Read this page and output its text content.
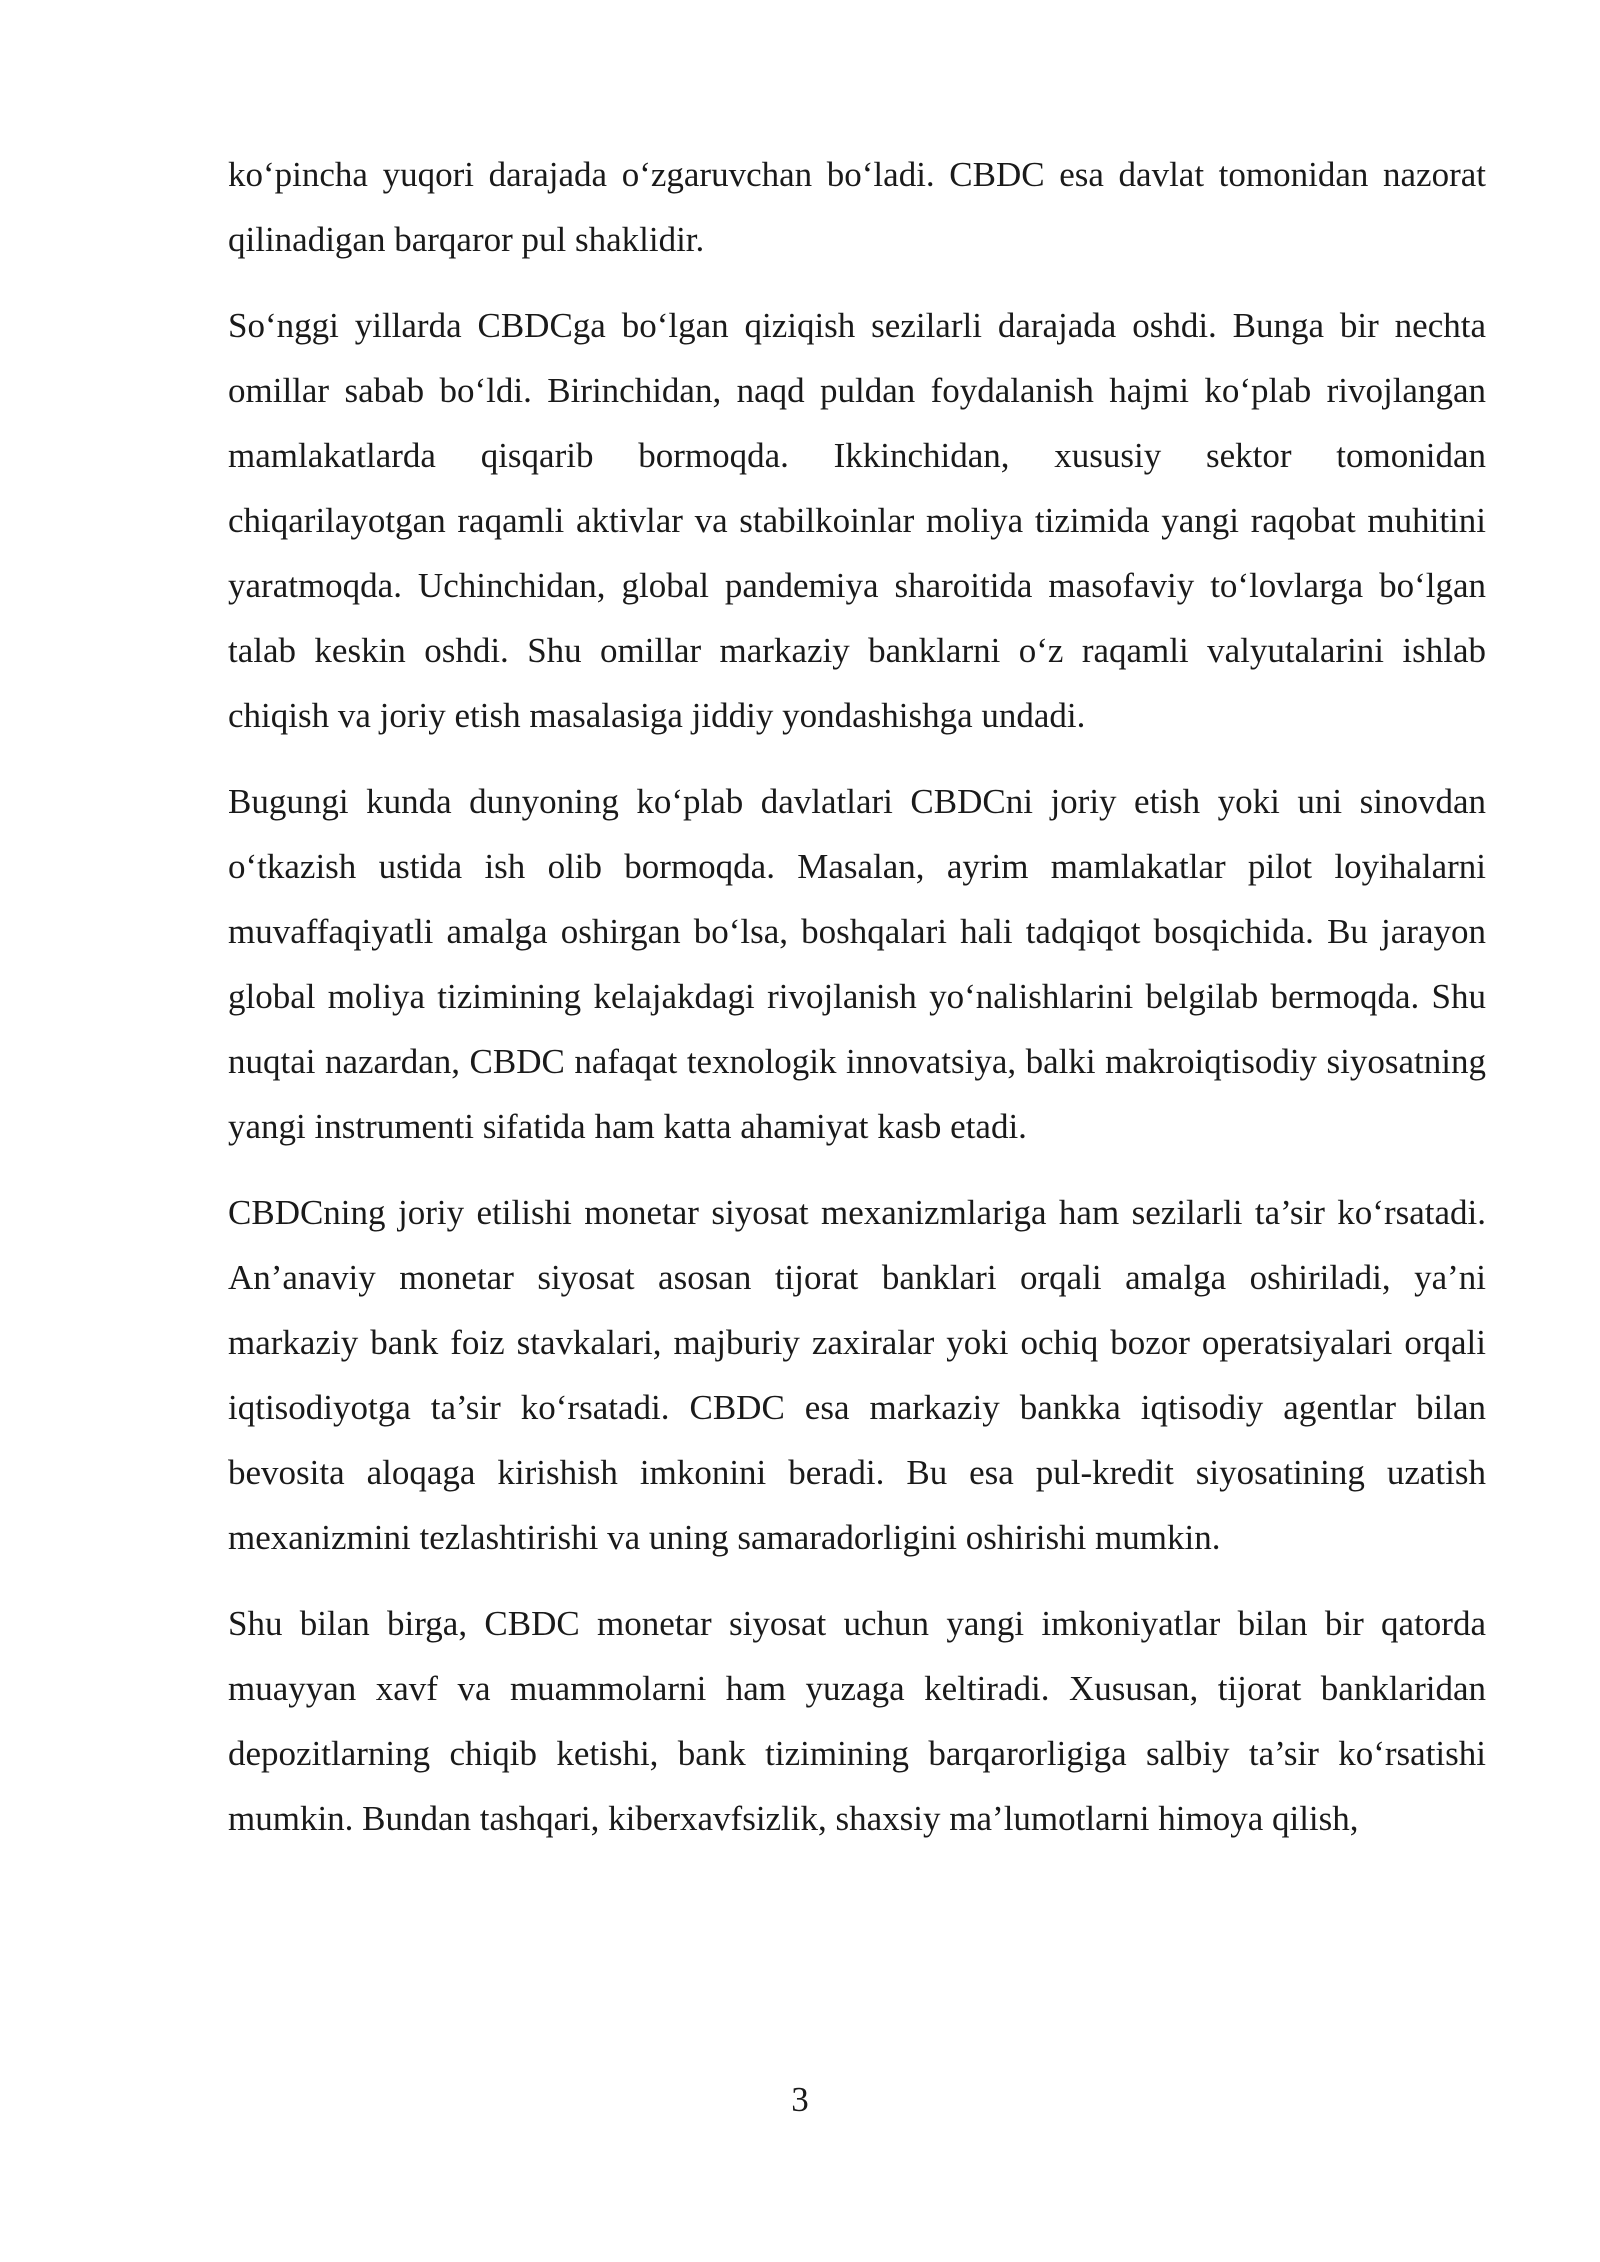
ko‘pincha yuqori darajada o‘zgaruvchan bo‘ladi. CBDC esa davlat tomonidan nazorat qilinadigan barqaror pul shaklidir.

So‘nggi yillarda CBDCga bo‘lgan qiziqish sezilarli darajada oshdi. Bunga bir nechta omillar sabab bo‘ldi. Birinchidan, naqd puldan foydalanish hajmi ko‘plab rivojlangan mamlakatlarda qisqarib bormoqda. Ikkinchidan, xususiy sektor tomonidan chiqarilayotgan raqamli aktivlar va stabilkoinlar moliya tizimida yangi raqobat muhitini yaratmoqda. Uchinchidan, global pandemiya sharoitida masofaviy to‘lovlarga bo‘lgan talab keskin oshdi. Shu omillar markaziy banklarni o‘z raqamli valyutalarini ishlab chiqish va joriy etish masalasiga jiddiy yondashishga undadi.

Bugungi kunda dunyoning ko‘plab davlatlari CBDCni joriy etish yoki uni sinovdan o‘tkazish ustida ish olib bormoqda. Masalan, ayrim mamlakatlar pilot loyihalarni muvaffaqiyatli amalga oshirgan bo‘lsa, boshqalari hali tadqiqot bosqichida. Bu jarayon global moliya tizimining kelajakdagi rivojlanish yo‘nalishlarini belgilab bermoqda. Shu nuqtai nazardan, CBDC nafaqat texnologik innovatsiya, balki makroiqtisodiy siyosatning yangi instrumenti sifatida ham katta ahamiyat kasb etadi.

CBDCning joriy etilishi monetar siyosat mexanizmlariga ham sezilarli ta’sir ko‘rsatadi. An’anaviy monetar siyosat asosan tijorat banklari orqali amalga oshiriladi, ya’ni markaziy bank foiz stavkalari, majburiy zaxiralar yoki ochiq bozor operatsiyalari orqali iqtisodiyotga ta’sir ko‘rsatadi. CBDC esa markaziy bankka iqtisodiy agentlar bilan bevosita aloqaga kirishish imkonini beradi. Bu esa pul-kredit siyosatining uzatish mexanizmini tezlashtirishi va uning samaradorligini oshirishi mumkin.

Shu bilan birga, CBDC monetar siyosat uchun yangi imkoniyatlar bilan bir qatorda muayyan xavf va muammolarni ham yuzaga keltiradi. Xususan, tijorat banklaridan depozitlarning chiqib ketishi, bank tizimining barqarorligiga salbiy ta’sir ko‘rsatishi mumkin. Bundan tashqari, kiberxavfsizlik, shaxsiy ma’lumotlarni himoya qilish,

3
